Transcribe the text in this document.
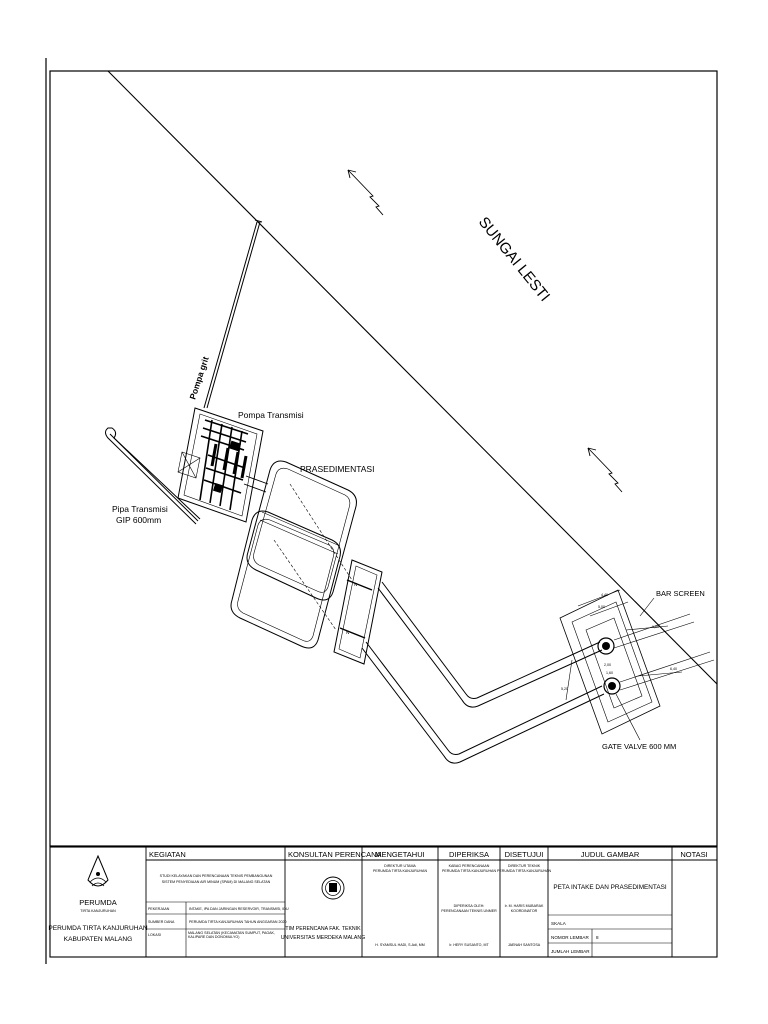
SUNGAI LESTI
N
N
4,40
5,00
5,20
1,60
6,40
2,00
1,60
Pompa grit
Pompa Transmisi
PRASEDIMENTASI
Pipa Transmisi
GIP 600mm
BAR SCREEN
GATE VALVE 600 MM
PERUMDA
TIRTA KANJURUHAN
PERUMDA TIRTA KANJURUHAN
KABUPATEN MALANG
KEGIATAN
STUDI KELAYAKAN DAN PERENCANAAN TEKNIS PEMBANGUNAN
SISTEM PENYEDIAAN AIR MINUM (SPAM) DI MALANG SELATAN
PEKERJAAN	INTAKE, IPA DAN JARINGAN RESERVOIR, TRANSMISI, IDU
SUMBER DANA	PERUMDA TIRTA KANJURUHAN TAHUN ANGGARAN 2020
LOKASI	MALANG SELATAN (KECAMATAN SUMPUT, PAGAK, KALIPARE DAN DONOMULYO)
KONSULTAN PERENCANA
TIM PERENCANA FAK. TEKNIK
UNIVERSITAS MERDEKA MALANG
MENGETAHUI
DIREKTUR UTAMA
PERUMDA TIRTA KANJURUHAN
H. SYAMSUL HADI, S.Adi, MM
DIPERIKSA
KABAG PERENCANAAN
PERUMDA TIRTA KANJURUHAN
DIPERIKSA OLEH:
PERENCANAAN TEKNIS UNMER
Ir. HERY SUSANTO, MT
DISETUJUI
DIREKTUR TEKNIK
PERUMDA TIRTA KANJURUHAN
Ir. M. HARIS MUBARAK
KOORDINATOR
JAENAH SANTOSA
JUDUL GAMBAR
PETA INTAKE DAN PRASEDIMENTASI
SKALA
NOMOR LEMBAR 8
JUMLAH LEMBAR
NOTASI
